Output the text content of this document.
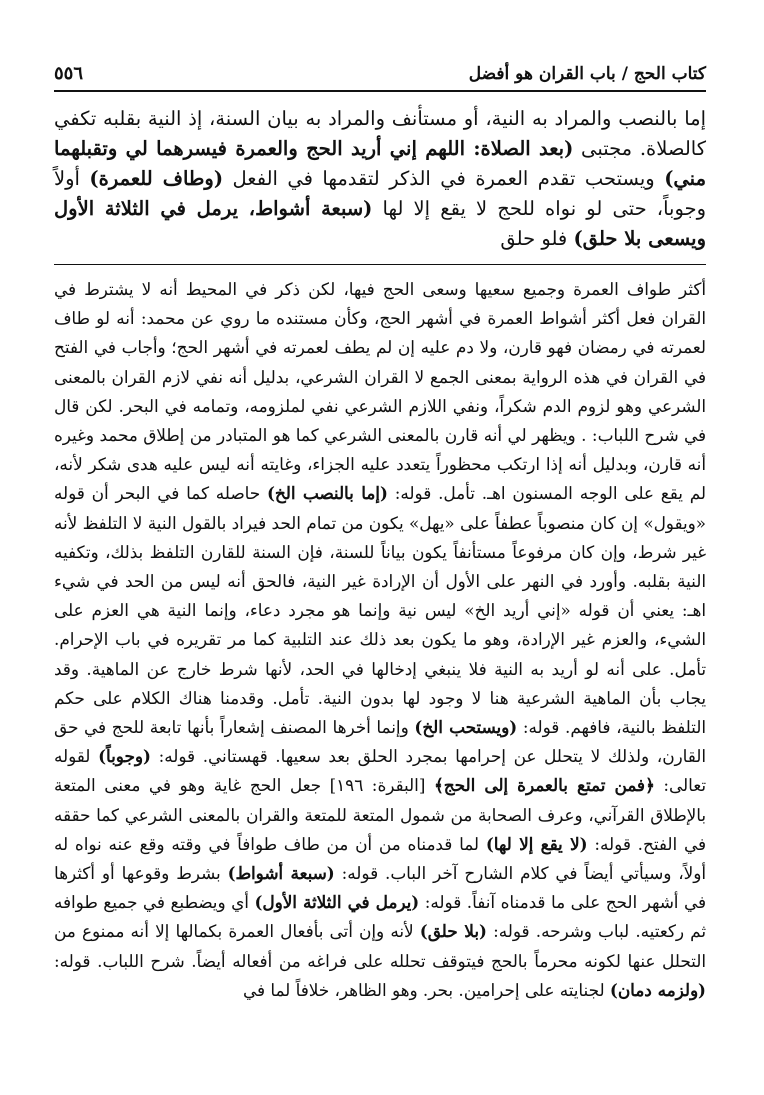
كتاب الحج / باب القران هو أفضل
٥٥٦

إما بالنصب والمراد به النية، أو مستأنف والمراد به بيان السنة، إذ النية بقلبه تكفي كالصلاة. مجتبى (بعد الصلاة: اللهم إني أريد الحج والعمرة فيسرهما لي وتقبلهما مني) ويستحب تقدم العمرة في الذكر لتقدمها في الفعل (وطاف للعمرة) أولاً وجوباً، حتى لو نواه للحج لا يقع إلا لها (سبعة أشواط، يرمل في الثلاثة الأول ويسعى بلا حلق) فلو حلق

أكثر طواف العمرة وجميع سعيها وسعى الحج فيها، لكن ذكر في المحيط أنه لا يشترط في القران فعل أكثر أشواط العمرة في أشهر الحج، وكأن مستنده ما روي عن محمد: أنه لو طاف لعمرته في رمضان فهو قارن، ولا دم عليه إن لم يطف لعمرته في أشهر الحج؛ وأجاب في الفتح في القران في هذه الرواية بمعنى الجمع لا القران الشرعي، بدليل أنه نفي لازم القران بالمعنى الشرعي وهو لزوم الدم شكراً، ونفي اللازم الشرعي نفي لملزومه، وتمامه في البحر. لكن قال في شرح اللباب: . ويظهر لي أنه قارن بالمعنى الشرعي كما هو المتبادر من إطلاق محمد وغيره أنه قارن، وبدليل أنه إذا ارتكب محظوراً يتعدد عليه الجزاء، وغايته أنه ليس عليه هدى شكر لأنه، لم يقع على الوجه المسنون اهـ. تأمل. قوله: (إما بالنصب الخ) حاصله كما في البحر أن قوله «ويقول» إن كان منصوباً عطفاً على «يهل» يكون من تمام الحد فيراد بالقول النية لا التلفظ لأنه غير شرط، وإن كان مرفوعاً مستأنفاً يكون بياناً للسنة، فإن السنة للقارن التلفظ بذلك، وتكفيه النية بقلبه. وأورد في النهر على الأول أن الإرادة غير النية، فالحق أنه ليس من الحد في شيء اهـ: يعني أن قوله «إني أريد الخ» ليس نية وإنما هو مجرد دعاء، وإنما النية هي العزم على الشيء، والعزم غير الإرادة، وهو ما يكون بعد ذلك عند التلبية كما مر تقريره في باب الإحرام. تأمل. على أنه لو أريد به النية فلا ينبغي إدخالها في الحد، لأنها شرط خارج عن الماهية. وقد يجاب بأن الماهية الشرعية هنا لا وجود لها بدون النية. تأمل. وقدمنا هناك الكلام على حكم التلفظ بالنية، فافهم. قوله: (ويستحب الخ) وإنما أخرها المصنف إشعاراً بأنها تابعة للحج في حق القارن، ولذلك لا يتحلل عن إحرامها بمجرد الحلق بعد سعيها. قهستاني. قوله: (وجوباً) لقوله تعالى: ﴿فمن تمتع بالعمرة إلى الحج﴾ [البقرة: ١٩٦] جعل الحج غاية وهو في معنى المتعة بالإطلاق القرآني، وعرف الصحابة من شمول المتعة للمتعة والقران بالمعنى الشرعي كما حققه في الفتح. قوله: (لا يقع إلا لها) لما قدمناه من أن من طاف طوافاً في وقته وقع عنه نواه له أولاً، وسيأتي أيضاً في كلام الشارح آخر الباب. قوله: (سبعة أشواط) بشرط وقوعها أو أكثرها في أشهر الحج على ما قدمناه آنفاً. قوله: (يرمل في الثلاثة الأول) أي ويضطبع في جميع طوافه ثم ركعتيه. لباب وشرحه. قوله: (بلا حلق) لأنه وإن أتى بأفعال العمرة بكمالها إلا أنه ممنوع من التحلل عنها لكونه محرماً بالحج فيتوقف تحلله على فراغه من أفعاله أيضاً. شرح اللباب. قوله: (ولزمه دمان) لجنايته على إحرامين. بحر. وهو الظاهر، خلافاً لما في
